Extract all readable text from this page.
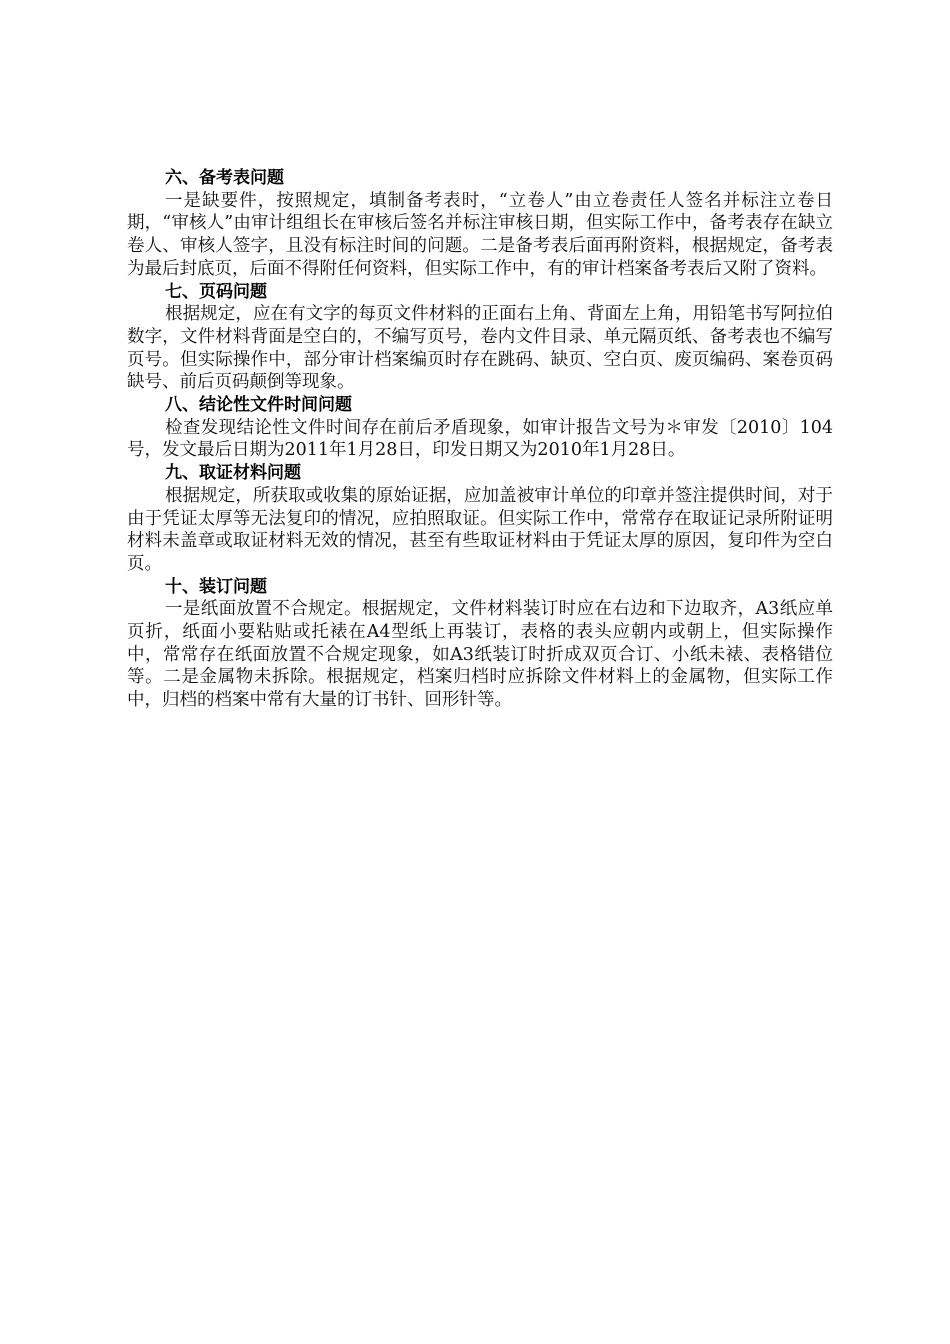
六、备考表问题

一是缺要件，按照规定，填制备考表时，“立卷人”由立卷责任人签名并标注立卷日期，“审核人”由审计组组长在审核后签名并标注审核日期，但实际工作中，备考表存在缺立卷人、审核人签字，且没有标注时间的问题。二是备考表后面再附资料，根据规定，备考表为最后封底页，后面不得附任何资料，但实际工作中，有的审计档案备考表后又附了资料。

七、页码问题

根据规定，应在有文字的每页文件材料的正面右上角、背面左上角，用铅笔书写阿拉伯数字，文件材料背面是空白的，不编写页号，卷内文件目录、单元隔页纸、备考表也不编写页号。但实际操作中，部分审计档案编页时存在跳码、缺页、空白页、废页编码、案卷页码缺号、前后页码颠倒等现象。

八、结论性文件时间问题

检查发现结论性文件时间存在前后矛盾现象，如审计报告文号为＊审发〔2010〕104号，发文最后日期为2011年1月28日，印发日期又为2010年1月28日。

九、取证材料问题

根据规定，所获取或收集的原始证据，应加盖被审计单位的印章并签注提供时间，对于由于凭证太厚等无法复印的情况，应拍照取证。但实际工作中，常常存在取证记录所附证明材料未盖章或取证材料无效的情况，甚至有些取证材料由于凭证太厚的原因，复印件为空白页。

十、装订问题

一是纸面放置不合规定。根据规定，文件材料装订时应在右边和下边取齐，A3纸应单页折，纸面小要粘贴或托裱在A4型纸上再装订，表格的表头应朝内或朝上，但实际操作中，常常存在纸面放置不合规定现象，如A3纸装订时折成双页合订、小纸未裱、表格错位等。二是金属物未拆除。根据规定，档案归档时应拆除文件材料上的金属物，但实际工作中，归档的档案中常有大量的订书针、回形针等。
